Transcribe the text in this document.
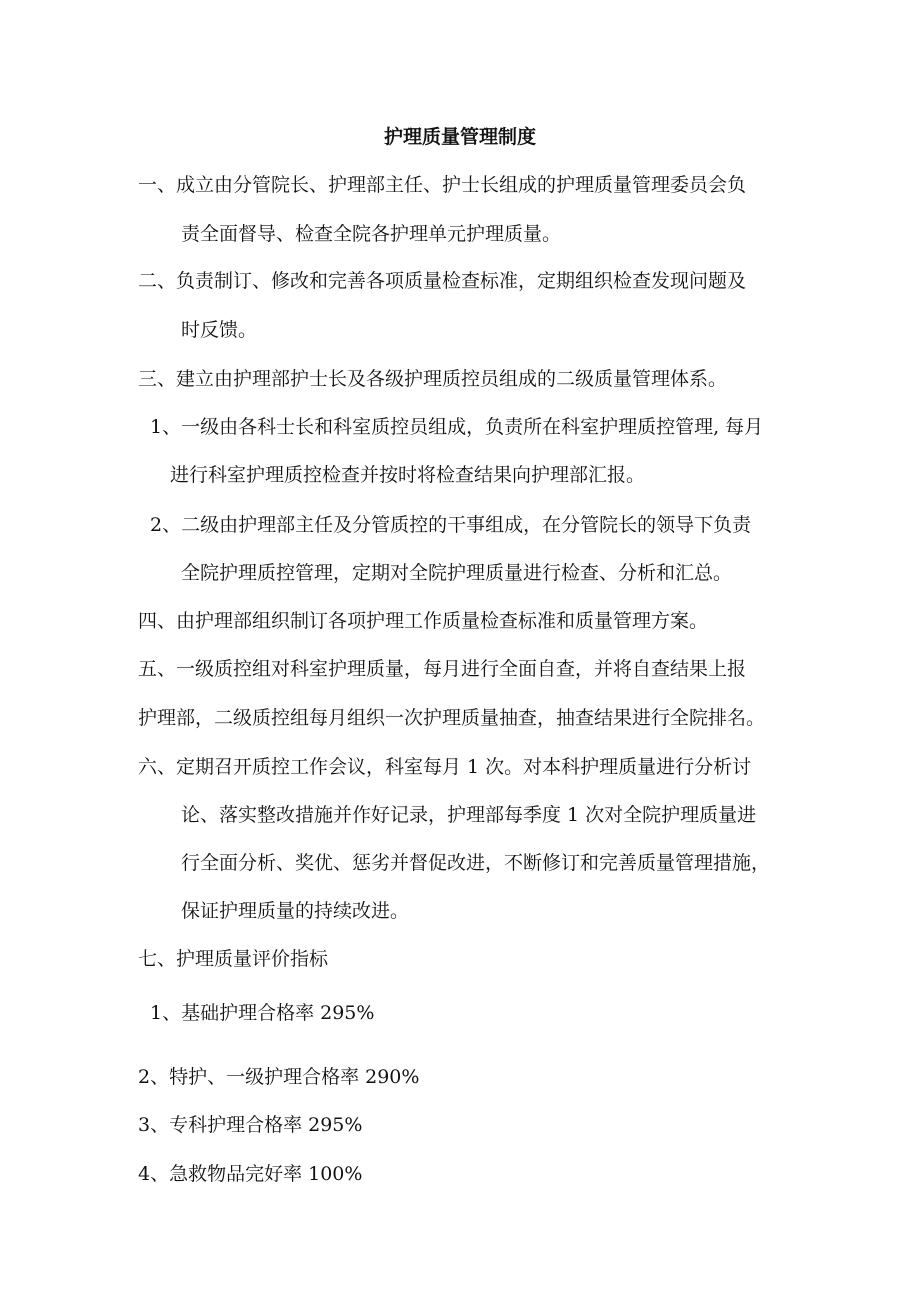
护理质量管理制度
一、成立由分管院长、护理部主任、护士长组成的护理质量管理委员会负
责全面督导、检查全院各护理单元护理质量。
二、负责制订、修改和完善各项质量检查标准，定期组织检查发现问题及
时反馈。
三、建立由护理部护士长及各级护理质控员组成的二级质量管理体系。
1、一级由各科士长和科室质控员组成，负责所在科室护理质控管理, 每月
进行科室护理质控检查并按时将检查结果向护理部汇报。
2、二级由护理部主任及分管质控的干事组成，在分管院长的领导下负责
全院护理质控管理，定期对全院护理质量进行检查、分析和汇总。
四、由护理部组织制订各项护理工作质量检查标准和质量管理方案。
五、一级质控组对科室护理质量，每月进行全面自查，并将自查结果上报
护理部，二级质控组每月组织一次护理质量抽查，抽查结果进行全院排名。
六、定期召开质控工作会议，科室每月 1 次。对本科护理质量进行分析讨
论、落实整改措施并作好记录，护理部每季度 1 次对全院护理质量进
行全面分析、奖优、惩劣并督促改进，不断修订和完善质量管理措施，
保证护理质量的持续改进。
七、护理质量评价指标
1、基础护理合格率 295%
2、特护、一级护理合格率 290%
3、专科护理合格率 295%
4、急救物品完好率 100%
